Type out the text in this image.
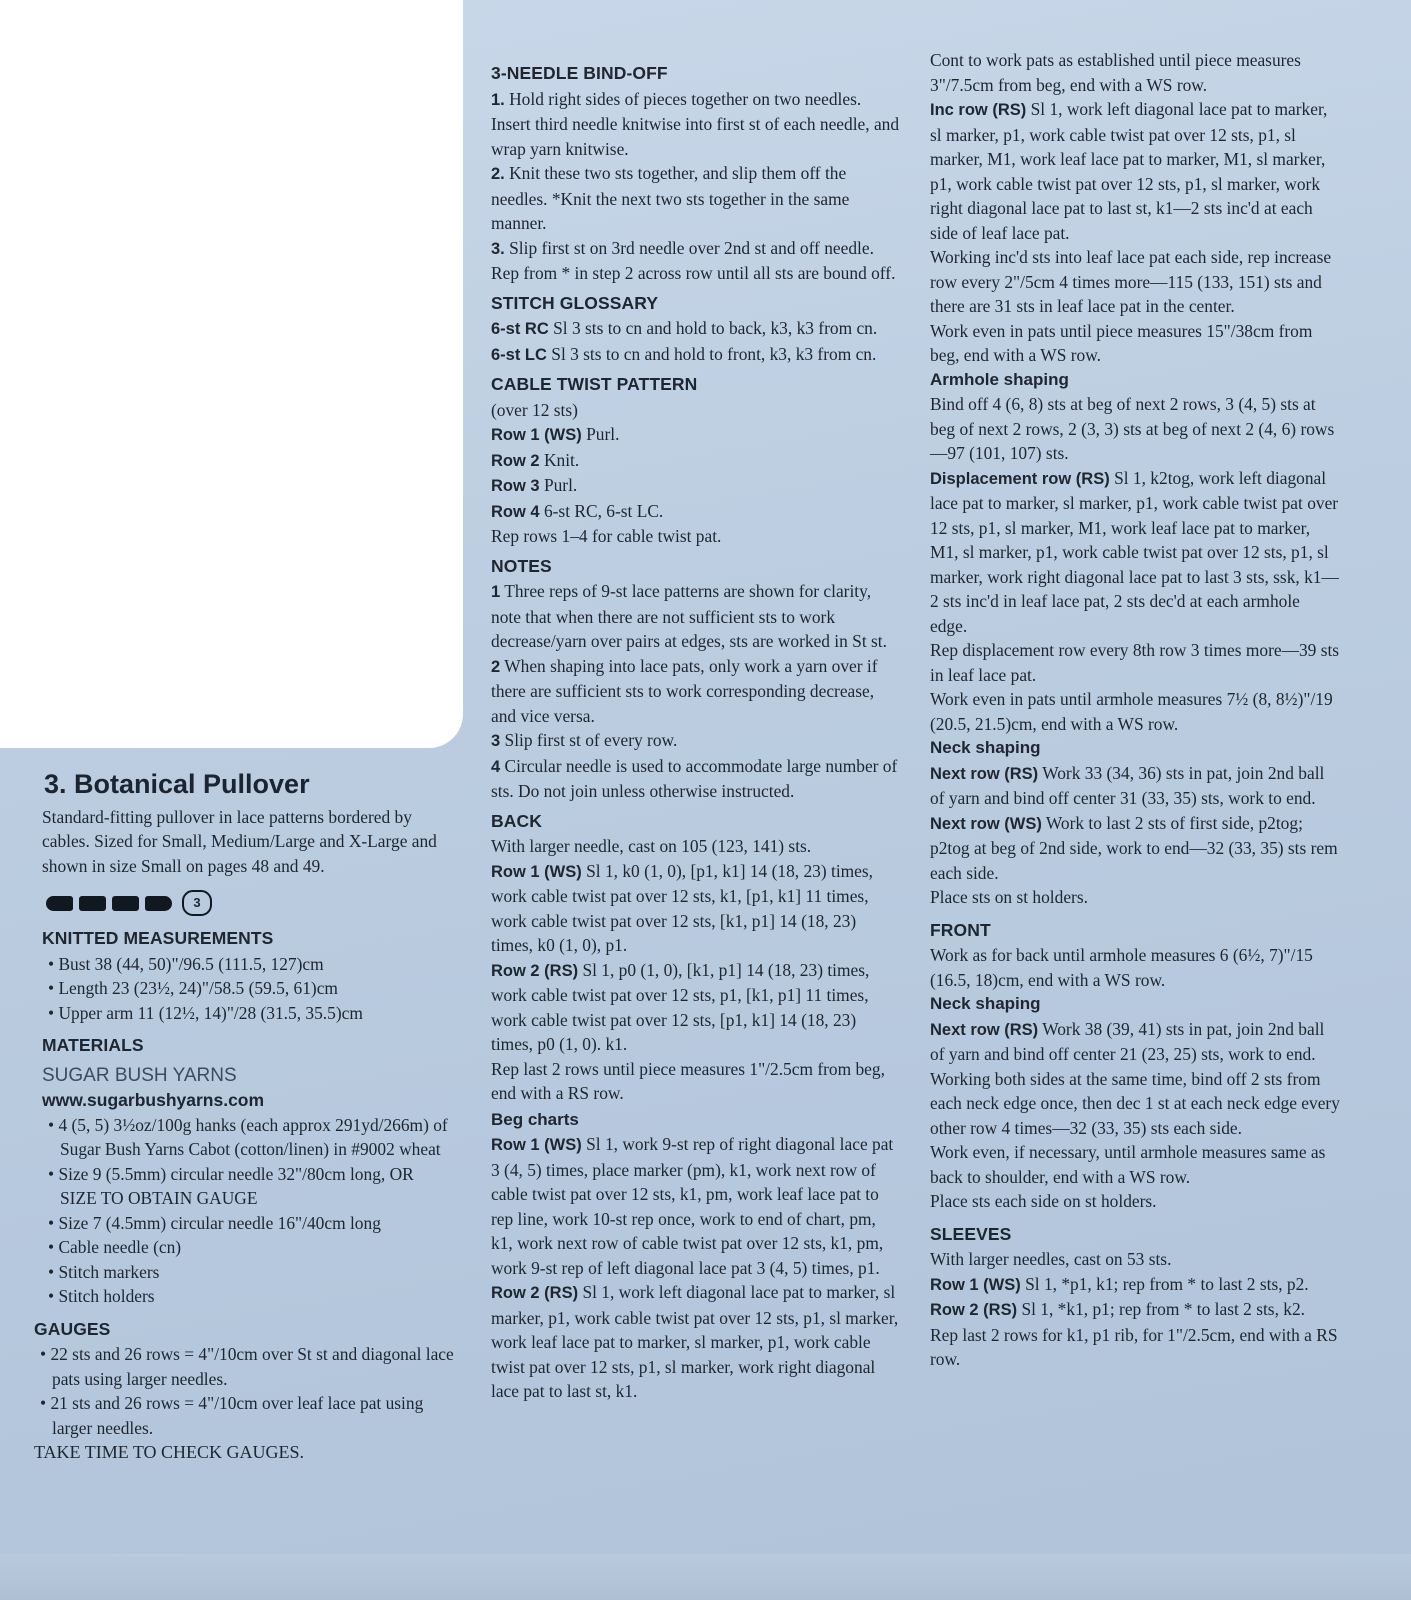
3. Botanical Pullover

Standard-fitting pullover in lace patterns bordered by cables. Sized for Small, Medium/Large and X-Large and shown in size Small on pages 48 and 49.

3
KNITTED MEASUREMENTS
• Bust 38 (44, 50)"/96.5 (111.5, 127)cm
• Length 23 (23½, 24)"/58.5 (59.5, 61)cm
• Upper arm 11 (12½, 14)"/28 (31.5, 35.5)cm
MATERIALS
SUGAR BUSH YARNS
www.sugarbushyarns.com
• 4 (5, 5) 3½oz/100g hanks (each approx 291yd/266m) of Sugar Bush Yarns Cabot (cotton/linen) in #9002 wheat
• Size 9 (5.5mm) circular needle 32"/80cm long, OR SIZE TO OBTAIN GAUGE
• Size 7 (4.5mm) circular needle 16"/40cm long
• Cable needle (cn)
• Stitch markers
• Stitch holders
GAUGES
• 22 sts and 26 rows = 4"/10cm over St st and diagonal lace pats using larger needles.
• 21 sts and 26 rows = 4"/10cm over leaf lace pat using larger needles.

TAKE TIME TO CHECK GAUGES.

3-NEEDLE BIND-OFF

1. Hold right sides of pieces together on two needles. Insert third needle knitwise into first st of each needle, and wrap yarn knitwise.

2. Knit these two sts together, and slip them off the needles. *Knit the next two sts together in the same manner.

3. Slip first st on 3rd needle over 2nd st and off needle. Rep from * in step 2 across row until all sts are bound off.

STITCH GLOSSARY

6-st RC Sl 3 sts to cn and hold to back, k3, k3 from cn.

6-st LC Sl 3 sts to cn and hold to front, k3, k3 from cn.

CABLE TWIST PATTERN

(over 12 sts)

Row 1 (WS) Purl.

Row 2 Knit.

Row 3 Purl.

Row 4 6-st RC, 6-st LC.

Rep rows 1–4 for cable twist pat.

NOTES

1 Three reps of 9-st lace patterns are shown for clarity, note that when there are not sufficient sts to work decrease/yarn over pairs at edges, sts are worked in St st.

2 When shaping into lace pats, only work a yarn over if there are sufficient sts to work corresponding decrease, and vice versa.

3 Slip first st of every row.

4 Circular needle is used to accommodate large number of sts. Do not join unless otherwise instructed.

BACK

With larger needle, cast on 105 (123, 141) sts.

Row 1 (WS) Sl 1, k0 (1, 0), [p1, k1] 14 (18, 23) times, work cable twist pat over 12 sts, k1, [p1, k1] 11 times, work cable twist pat over 12 sts, [k1, p1] 14 (18, 23) times, k0 (1, 0), p1.

Row 2 (RS) Sl 1, p0 (1, 0), [k1, p1] 14 (18, 23) times, work cable twist pat over 12 sts, p1, [k1, p1] 11 times, work cable twist pat over 12 sts, [p1, k1] 14 (18, 23) times, p0 (1, 0). k1.

Rep last 2 rows until piece measures 1"/2.5cm from beg, end with a RS row.

Beg charts

Row 1 (WS) Sl 1, work 9-st rep of right diagonal lace pat 3 (4, 5) times, place marker (pm), k1, work next row of cable twist pat over 12 sts, k1, pm, work leaf lace pat to rep line, work 10-st rep once, work to end of chart, pm, k1, work next row of cable twist pat over 12 sts, k1, pm, work 9-st rep of left diagonal lace pat 3 (4, 5) times, p1.

Row 2 (RS) Sl 1, work left diagonal lace pat to marker, sl marker, p1, work cable twist pat over 12 sts, p1, sl marker, work leaf lace pat to marker, sl marker, p1, work cable twist pat over 12 sts, p1, sl marker, work right diagonal lace pat to last st, k1.

Cont to work pats as established until piece measures 3"/7.5cm from beg, end with a WS row.

Inc row (RS) Sl 1, work left diagonal lace pat to marker, sl marker, p1, work cable twist pat over 12 sts, p1, sl marker, M1, work leaf lace pat to marker, M1, sl marker, p1, work cable twist pat over 12 sts, p1, sl marker, work right diagonal lace pat to last st, k1—2 sts inc'd at each side of leaf lace pat.

Working inc'd sts into leaf lace pat each side, rep increase row every 2"/5cm 4 times more—115 (133, 151) sts and there are 31 sts in leaf lace pat in the center.

Work even in pats until piece measures 15"/38cm from beg, end with a WS row.

Armhole shaping

Bind off 4 (6, 8) sts at beg of next 2 rows, 3 (4, 5) sts at beg of next 2 rows, 2 (3, 3) sts at beg of next 2 (4, 6) rows—97 (101, 107) sts.

Displacement row (RS) Sl 1, k2tog, work left diagonal lace pat to marker, sl marker, p1, work cable twist pat over 12 sts, p1, sl marker, M1, work leaf lace pat to marker, M1, sl marker, p1, work cable twist pat over 12 sts, p1, sl marker, work right diagonal lace pat to last 3 sts, ssk, k1—2 sts inc'd in leaf lace pat, 2 sts dec'd at each armhole edge.

Rep displacement row every 8th row 3 times more—39 sts in leaf lace pat.

Work even in pats until armhole measures 7½ (8, 8½)"/19 (20.5, 21.5)cm, end with a WS row.

Neck shaping

Next row (RS) Work 33 (34, 36) sts in pat, join 2nd ball of yarn and bind off center 31 (33, 35) sts, work to end.

Next row (WS) Work to last 2 sts of first side, p2tog; p2tog at beg of 2nd side, work to end—32 (33, 35) sts rem each side.

Place sts on st holders.

FRONT

Work as for back until armhole measures 6 (6½, 7)"/15 (16.5, 18)cm, end with a WS row.

Neck shaping

Next row (RS) Work 38 (39, 41) sts in pat, join 2nd ball of yarn and bind off center 21 (23, 25) sts, work to end.

Working both sides at the same time, bind off 2 sts from each neck edge once, then dec 1 st at each neck edge every other row 4 times—32 (33, 35) sts each side.

Work even, if necessary, until armhole measures same as back to shoulder, end with a WS row.

Place sts each side on st holders.

SLEEVES

With larger needles, cast on 53 sts.

Row 1 (WS) Sl 1, *p1, k1; rep from * to last 2 sts, p2.

Row 2 (RS) Sl 1, *k1, p1; rep from * to last 2 sts, k2.

Rep last 2 rows for k1, p1 rib, for 1"/2.5cm, end with a RS row.
